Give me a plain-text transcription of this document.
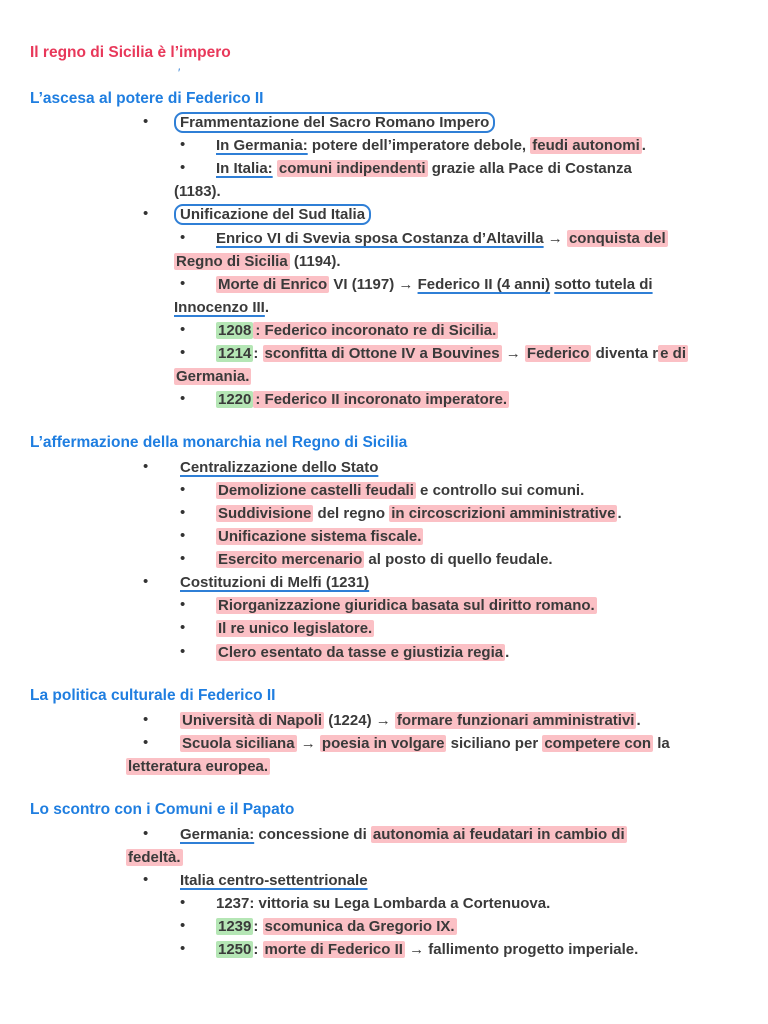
Il regno di Sicilia è l’impero
′
L’ascesa al potere di Federico II
•	Frammentazione del Sacro Romano Impero
• In Germania: potere dell’imperatore debole, feudi autonomi .
• In Italia: comuni indipendenti grazie alla Pace di Costanza
(1183).
•	Unificazione del Sud Italia
• Enrico VI di Svevia sposa Costanza d’Altavilla → conquista del
Regno di Sicilia (1194).
• Morte di Enrico VI (1197) → Federico II (4 anni) sotto tutela di
Innocenzo III.
• 1208 : Federico incoronato re di Sicilia.
• 1214 : sconfitta di Ottone IV a Bouvines → Federico diventa r e di
Germania.
• 1220 : Federico II incoronato imperatore.
L’affermazione della monarchia nel Regno di Sicilia
• Centralizzazione dello Stato
• Demolizione castelli feudali e controllo sui comuni.
• Suddivisione del regno in circoscrizioni amministrative .
• Unificazione sistema fiscale.
• Esercito mercenario al posto di quello feudale.
• Costituzioni di Melfi (1231)
• Riorganizzazione giuridica basata sul diritto romano.
• Il re unico legislatore.
• Clero esentato da tasse e giustizia regia .
La politica culturale di Federico II
• Università di Napoli (1224) → formare funzionari amministrativi .
• Scuola siciliana → poesia in volgare siciliano per competere con la
letteratura europea.
Lo scontro con i Comuni e il Papato
• Germania: concessione di autonomia ai feudatari in cambio di
fedeltà.
• Italia centro-settentrionale
• 1237: vittoria su Lega Lombarda a Cortenuova.
• 1239 : scomunica da Gregorio IX.
• 1250 : morte di Federico II → fallimento progetto imperiale.
